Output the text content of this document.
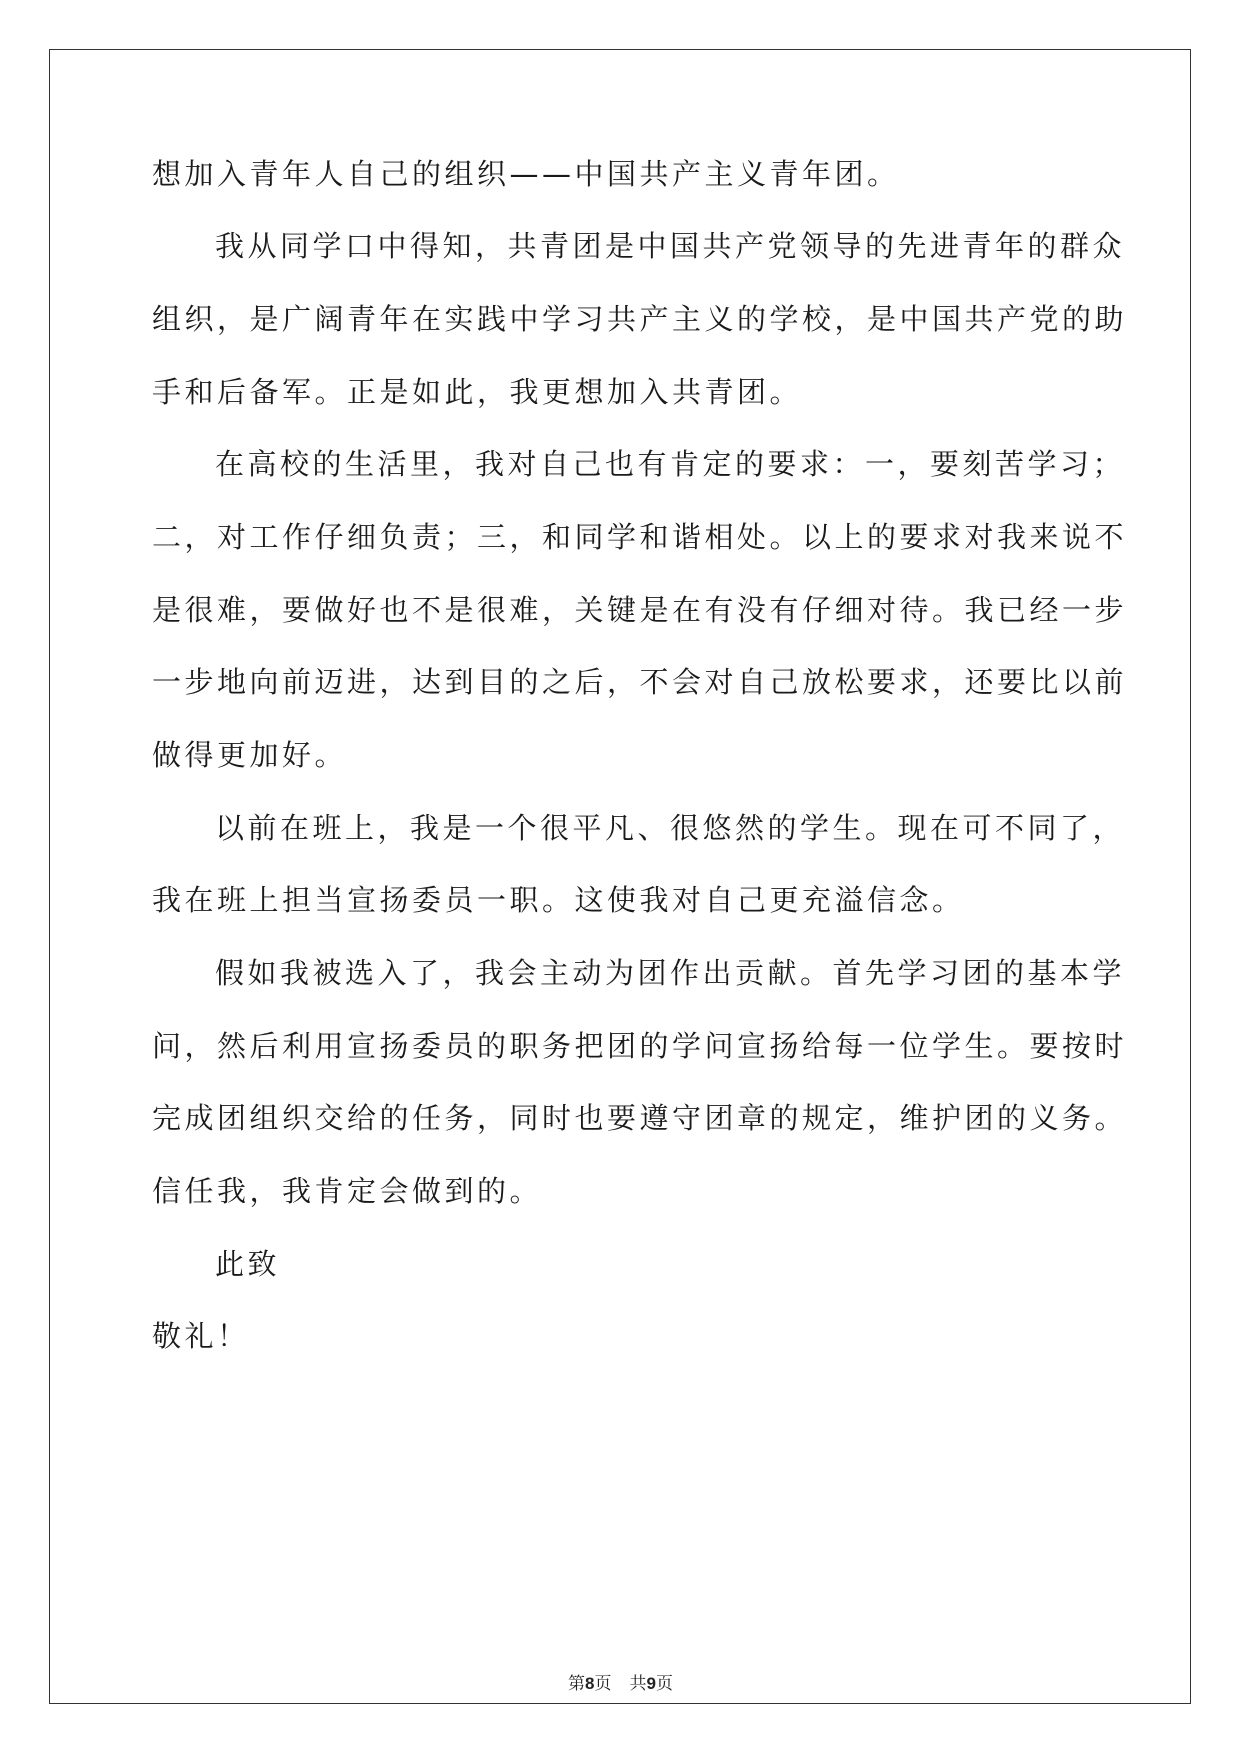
想加入青年人自己的组织——中国共产主义青年团。
我从同学口中得知，共青团是中国共产党领导的先进青年的群众
组织，是广阔青年在实践中学习共产主义的学校，是中国共产党的助
手和后备军。正是如此，我更想加入共青团。
在高校的生活里，我对自己也有肯定的要求：一，要刻苦学习；
二，对工作仔细负责；三，和同学和谐相处。以上的要求对我来说不
是很难，要做好也不是很难，关键是在有没有仔细对待。我已经一步
一步地向前迈进，达到目的之后，不会对自己放松要求，还要比以前
做得更加好。
以前在班上，我是一个很平凡、很悠然的学生。现在可不同了，
我在班上担当宣扬委员一职。这使我对自己更充溢信念。
假如我被选入了，我会主动为团作出贡献。首先学习团的基本学
问，然后利用宣扬委员的职务把团的学问宣扬给每一位学生。要按时
完成团组织交给的任务，同时也要遵守团章的规定，维护团的义务。
信任我，我肯定会做到的。
此致
敬礼！
第8页 共9页
